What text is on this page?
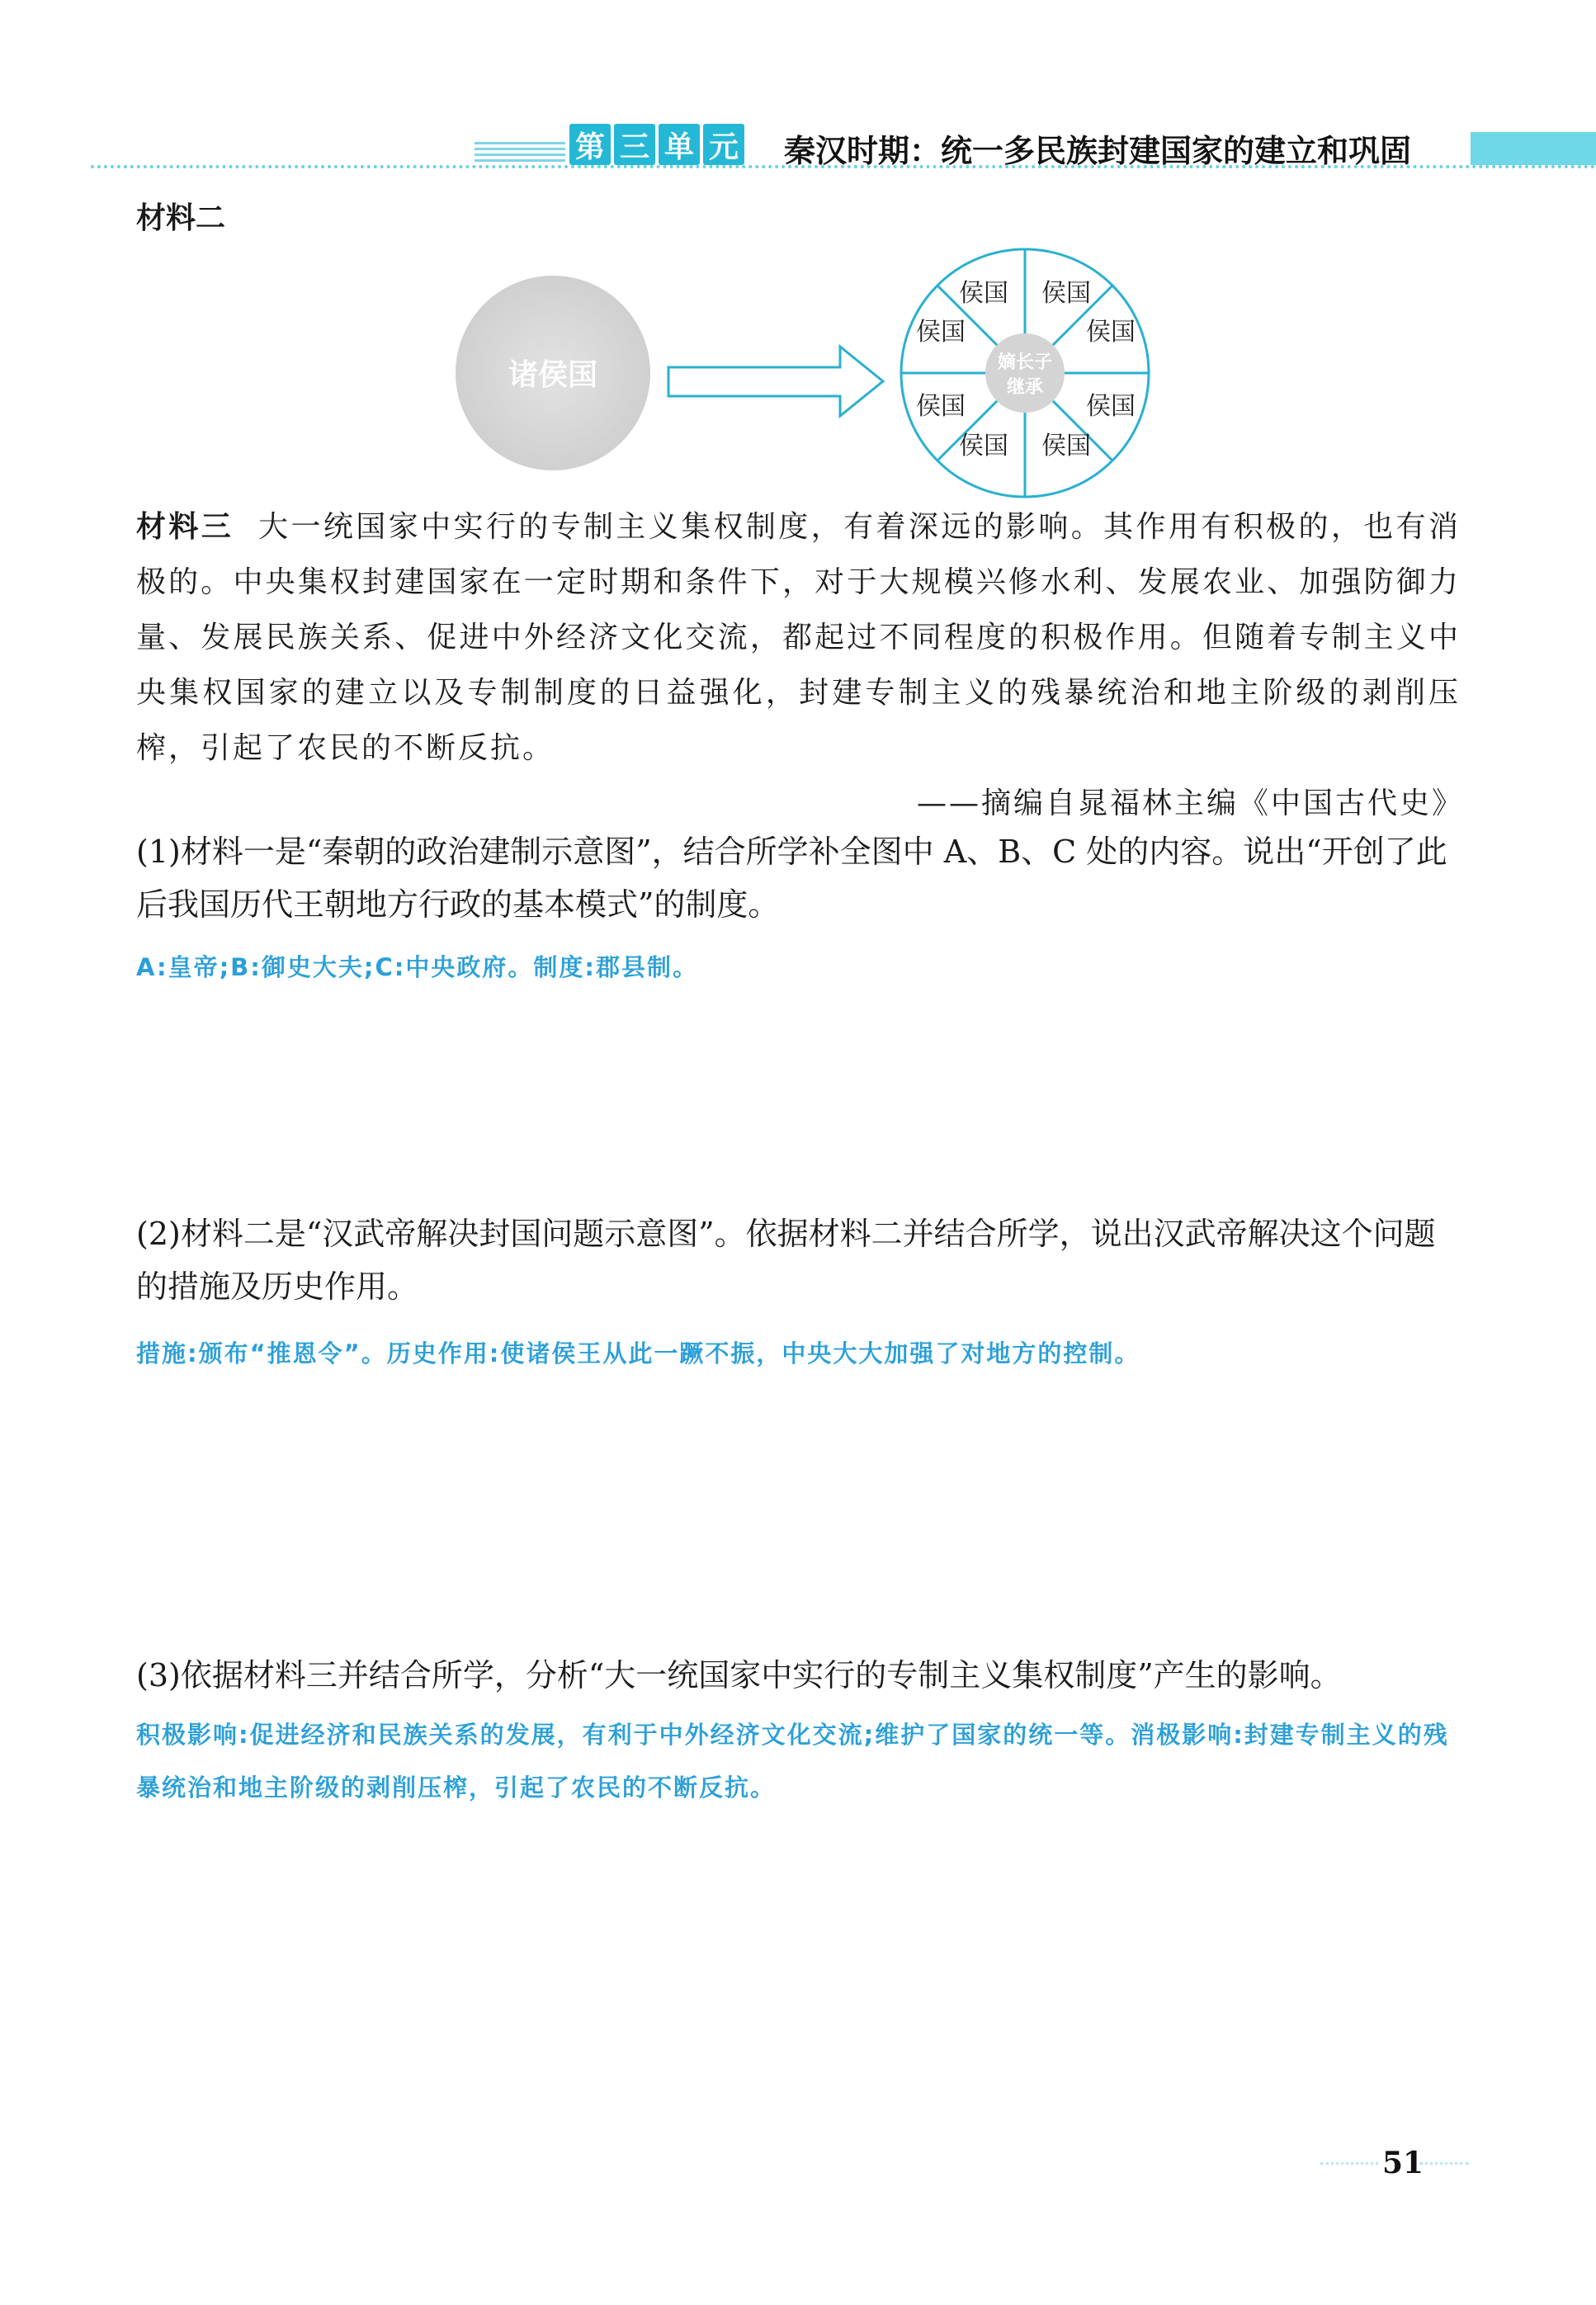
第 三 单 元 秦汉时期：统一多民族封建国家的建立和巩固
材料二
诸侯国	嫡长子
继承
侯国 侯国
侯国	侯国
侯国	侯国
侯国 侯国
材料三 大一统国家中实行的专制主义集权制度，有着深远的影响。其作用有积极的，也有消极的。中央集权封建国家在一定时期和条件下，对于大规模兴修水利、发展农业、加强防御力量、发展民族关系、促进中外经济文化交流，都起过不同程度的积极作用。但随着专制主义中央集权国家的建立以及专制制度的日益强化，封建专制主义的残暴统治和地主阶级的剥削压榨，引起了农民的不断反抗。
——摘编自晁福林主编《中国古代史》
(1)材料一是“秦朝的政治建制示意图”，结合所学补全图中 A、B、C 处的内容。说出“开创了此后我国历代王朝地方行政的基本模式”的制度。
A:皇帝;B:御史大夫;C:中央政府。制度:郡县制。
(2)材料二是“汉武帝解决封国问题示意图”。依据材料二并结合所学，说出汉武帝解决这个问题的措施及历史作用。
措施:颁布“推恩令”。历史作用:使诸侯王从此一蹶不振，中央大大加强了对地方的控制。
(3)依据材料三并结合所学，分析“大一统国家中实行的专制主义集权制度”产生的影响。
积极影响:促进经济和民族关系的发展，有利于中外经济文化交流;维护了国家的统一等。消极影响:封建专制主义的残暴统治和地主阶级的剥削压榨，引起了农民的不断反抗。
51
